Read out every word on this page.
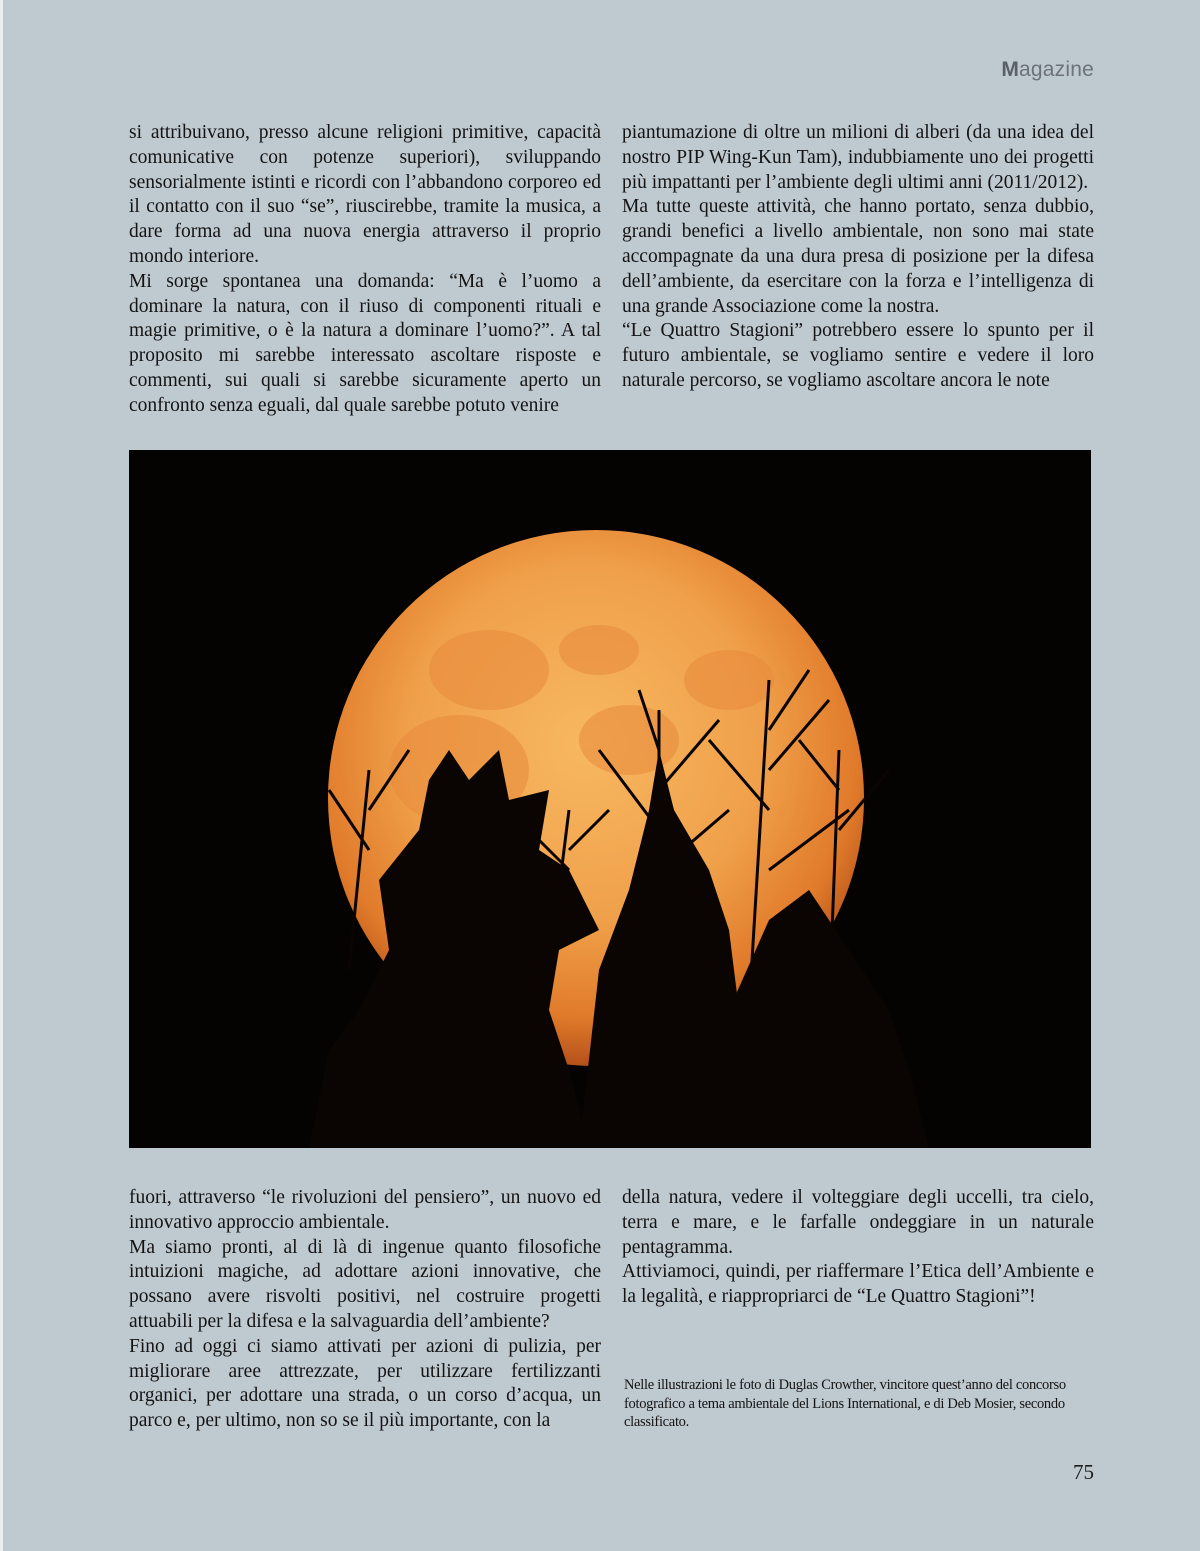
Magazine

si attribuivano, presso alcune religioni primitive, capacità comunicative con potenze superiori), sviluppando sensorialmente istinti e ricordi con l’abbandono corporeo ed il contatto con il suo “se”, riuscirebbe, tramite la musica, a dare forma ad una nuova energia attraverso il proprio mondo interiore.

Mi sorge spontanea una domanda: “Ma è l’uomo a dominare la natura, con il riuso di componenti rituali e magie primitive, o è la natura a dominare l’uomo?”. A tal proposito mi sarebbe interessato ascoltare risposte e commenti, sui quali si sarebbe sicuramente aperto un confronto senza eguali, dal quale sarebbe potuto venire

piantumazione di oltre un milioni di alberi (da una idea del nostro PIP Wing-Kun Tam), indubbiamente uno dei progetti più impattanti per l’ambiente degli ultimi anni (2011/2012).

Ma tutte queste attività, che hanno portato, senza dubbio, grandi benefici a livello ambientale, non sono mai state accompagnate da una dura presa di posizione per la difesa dell’ambiente, da esercitare con la forza e l’intelligenza di una grande Associazione come la nostra.

“Le Quattro Stagioni” potrebbero essere lo spunto per il futuro ambientale, se vogliamo sentire e vedere il loro naturale percorso, se vogliamo ascoltare ancora le note

fuori, attraverso “le rivoluzioni del pensiero”, un nuovo ed innovativo approccio ambientale.

Ma siamo pronti, al di là di ingenue quanto filosofiche intuizioni magiche, ad adottare azioni innovative, che possano avere risvolti positivi, nel costruire progetti attuabili per la difesa e la salvaguardia dell’ambiente?

Fino ad oggi ci siamo attivati per azioni di pulizia, per migliorare aree attrezzate, per utilizzare fertilizzanti organici, per adottare una strada, o un corso d’acqua, un parco e, per ultimo, non so se il più importante, con la

della natura, vedere il volteggiare degli uccelli, tra cielo, terra e mare, e le farfalle ondeggiare in un naturale pentagramma.

Attiviamoci, quindi, per riaffermare l’Etica dell’Ambiente e la legalità, e riappropriarci de “Le Quattro Stagioni”!

Nelle illustrazioni le foto di Duglas Crowther, vincitore quest’anno del concorso fotografico a tema ambientale del Lions International, e di Deb Mosier, secondo classificato.
75
